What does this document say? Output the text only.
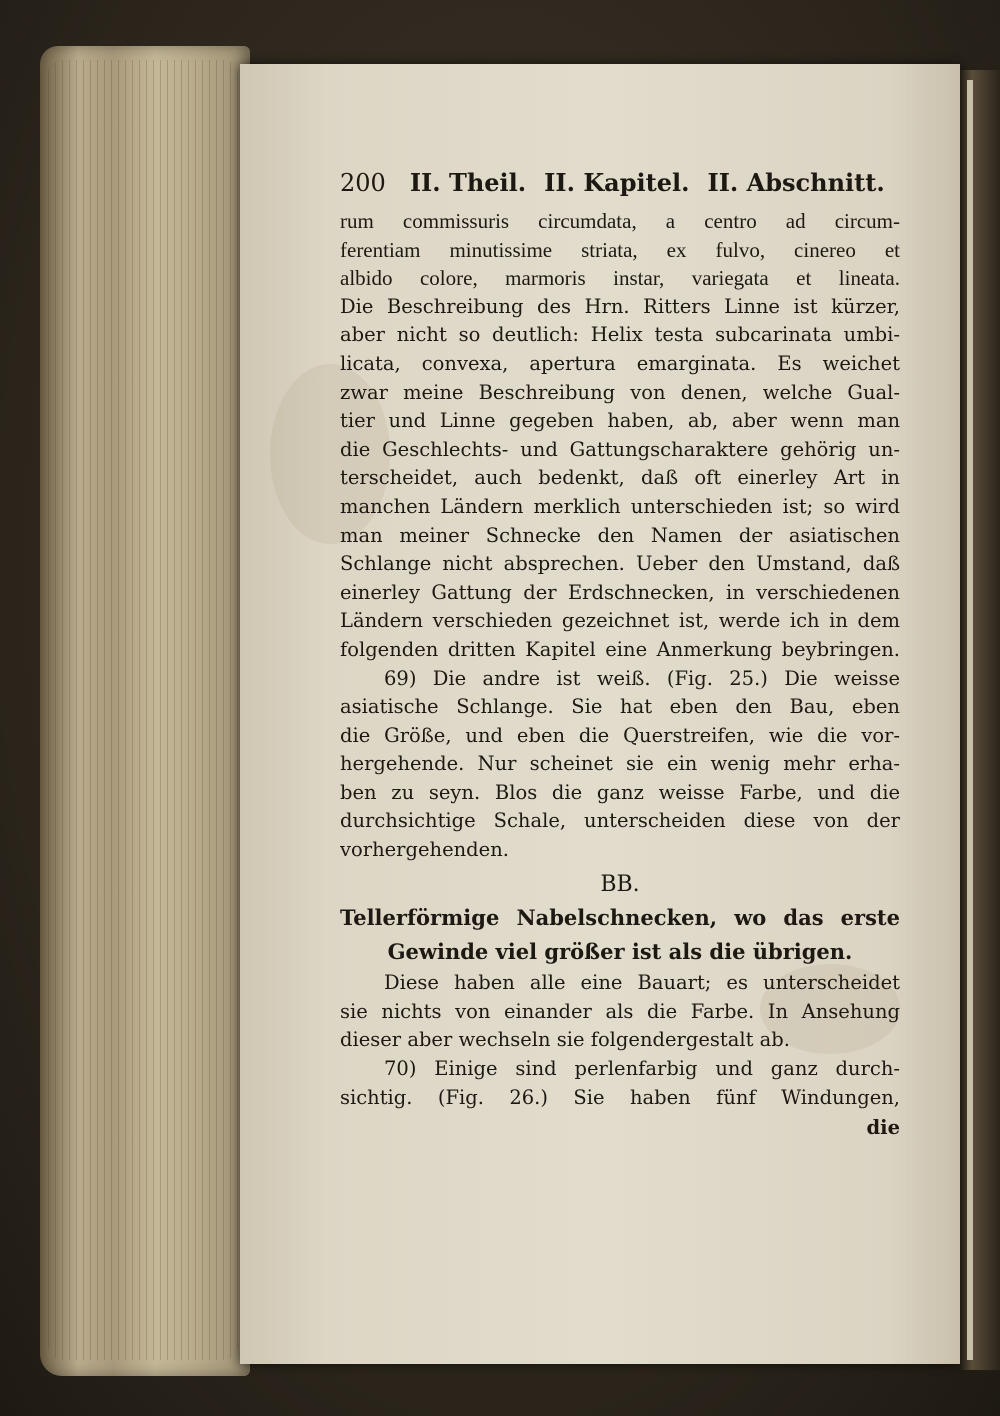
200 II. Theil. II. Kapitel. II. Abschnitt.
rum commissuris circumdata, a centro ad circum-
ferentiam minutissime striata, ex fulvo, cinereo et
albido colore, marmoris instar, variegata et lineata.
Die Beschreibung des Hrn. Ritters Linne ist kürzer,
aber nicht so deutlich: Helix testa subcarinata umbi-
licata, convexa, apertura emarginata. Es weichet
zwar meine Beschreibung von denen, welche Gual-
tier und Linne gegeben haben, ab, aber wenn man
die Geschlechts- und Gattungscharaktere gehörig un-
terscheidet, auch bedenkt, daß oft einerley Art in
manchen Ländern merklich unterschieden ist; so wird
man meiner Schnecke den Namen der asiatischen
Schlange nicht absprechen. Ueber den Umstand, daß
einerley Gattung der Erdschnecken, in verschiedenen
Ländern verschieden gezeichnet ist, werde ich in dem
folgenden dritten Kapitel eine Anmerkung beybringen.
69) Die andre ist weiß. (Fig. 25.) Die weisse
asiatische Schlange. Sie hat eben den Bau, eben
die Größe, und eben die Querstreifen, wie die vor-
hergehende. Nur scheinet sie ein wenig mehr erha-
ben zu seyn. Blos die ganz weisse Farbe, und die
durchsichtige Schale, unterscheiden diese von der
vorhergehenden.
BB.
Tellerförmige Nabelschnecken, wo das erste
Gewinde viel größer ist als die übrigen.
Diese haben alle eine Bauart; es unterscheidet
sie nichts von einander als die Farbe. In Ansehung
dieser aber wechseln sie folgendergestalt ab.
70) Einige sind perlenfarbig und ganz durch-
sichtig. (Fig. 26.) Sie haben fünf Windungen,
die
